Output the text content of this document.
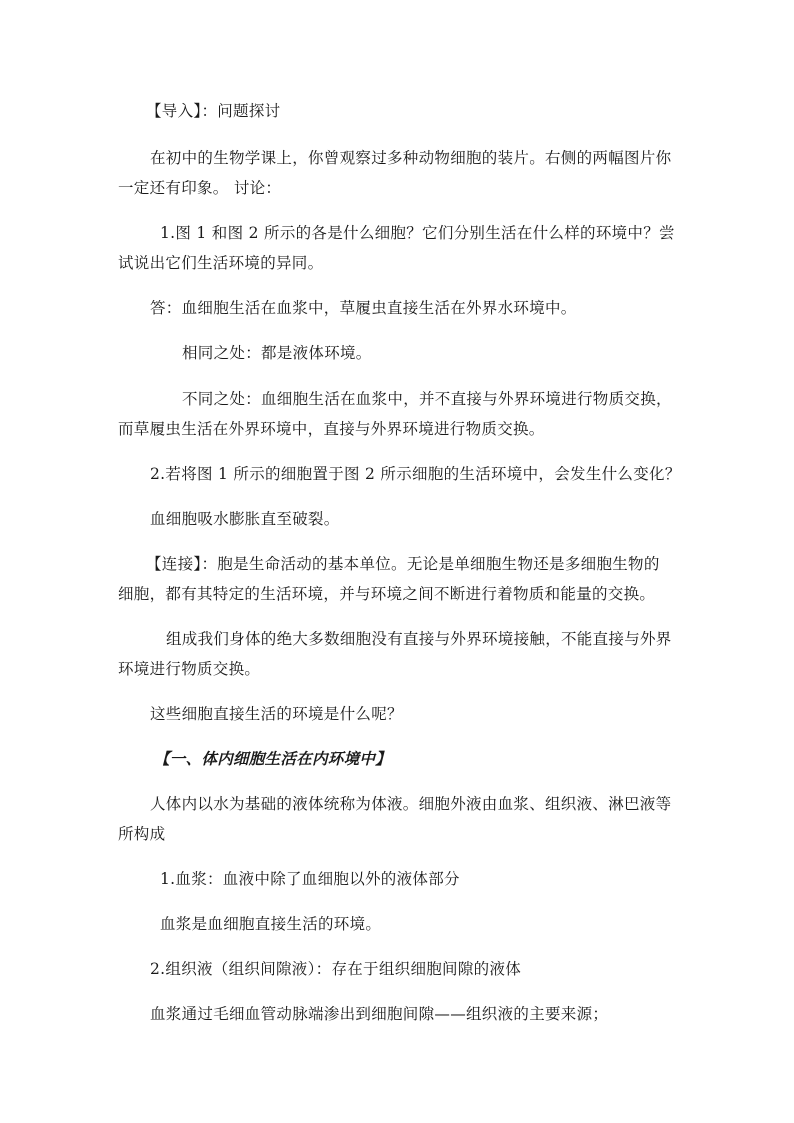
【导入】：问题探讨
在初中的生物学课上，你曾观察过多种动物细胞的装片。右侧的两幅图片你
一定还有印象。 讨论：
1.图 1 和图 2 所示的各是什么细胞？它们分别生活在什么样的环境中？尝
试说出它们生活环境的异同。
答：血细胞生活在血浆中，草履虫直接生活在外界水环境中。
相同之处：都是液体环境。
不同之处：血细胞生活在血浆中，并不直接与外界环境进行物质交换，
而草履虫生活在外界环境中，直接与外界环境进行物质交换。
2.若将图 1 所示的细胞置于图 2 所示细胞的生活环境中，会发生什么变化？
血细胞吸水膨胀直至破裂。
【连接】：胞是生命活动的基本单位。无论是单细胞生物还是多细胞生物的
细胞，都有其特定的生活环境，并与环境之间不断进行着物质和能量的交换。
组成我们身体的绝大多数细胞没有直接与外界环境接触，不能直接与外界
环境进行物质交换。
这些细胞直接生活的环境是什么呢？
【一、体内细胞生活在内环境中】
人体内以水为基础的液体统称为体液。细胞外液由血浆、组织液、淋巴液等
所构成
1.血浆：血液中除了血细胞以外的液体部分
血浆是血细胞直接生活的环境。
2.组织液（组织间隙液）：存在于组织细胞间隙的液体
血浆通过毛细血管动脉端渗出到细胞间隙——组织液的主要来源；
